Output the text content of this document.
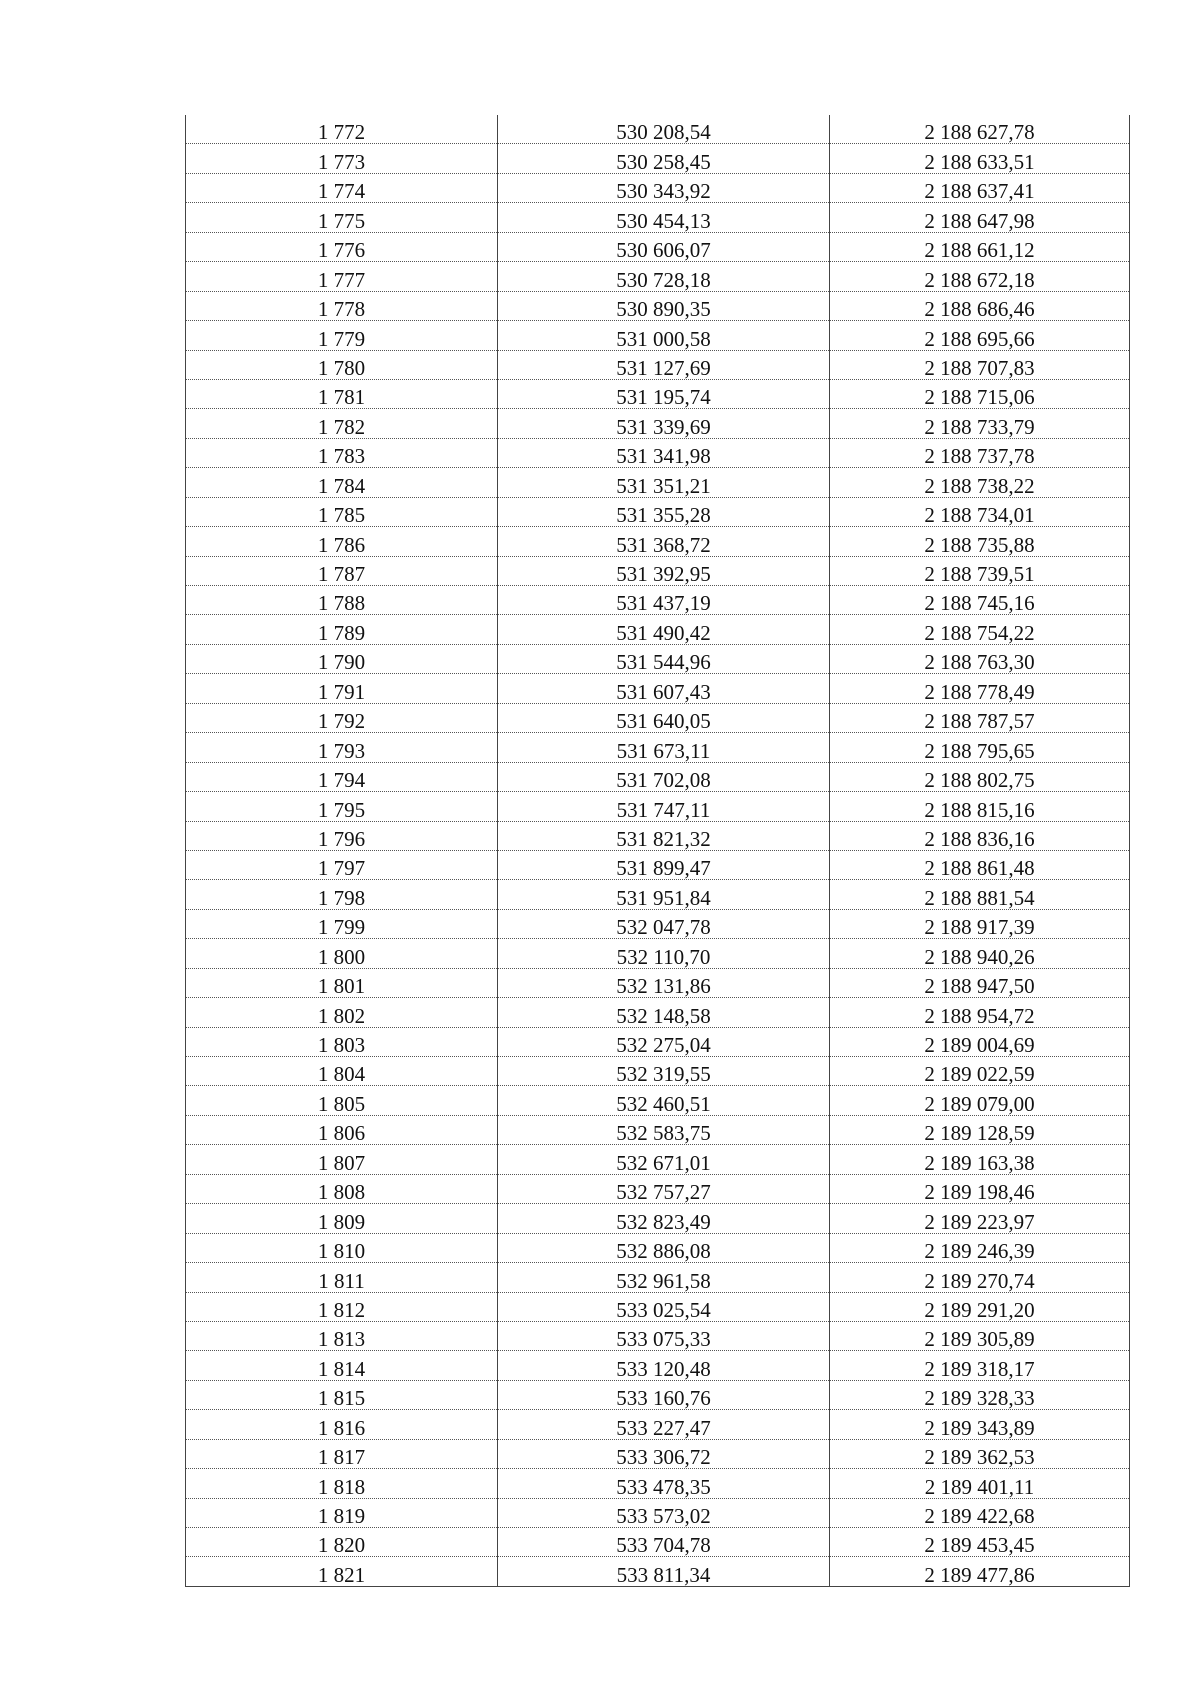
1 772	530 208,54	2 188 627,78
1 773	530 258,45	2 188 633,51
1 774	530 343,92	2 188 637,41
1 775	530 454,13	2 188 647,98
1 776	530 606,07	2 188 661,12
1 777	530 728,18	2 188 672,18
1 778	530 890,35	2 188 686,46
1 779	531 000,58	2 188 695,66
1 780	531 127,69	2 188 707,83
1 781	531 195,74	2 188 715,06
1 782	531 339,69	2 188 733,79
1 783	531 341,98	2 188 737,78
1 784	531 351,21	2 188 738,22
1 785	531 355,28	2 188 734,01
1 786	531 368,72	2 188 735,88
1 787	531 392,95	2 188 739,51
1 788	531 437,19	2 188 745,16
1 789	531 490,42	2 188 754,22
1 790	531 544,96	2 188 763,30
1 791	531 607,43	2 188 778,49
1 792	531 640,05	2 188 787,57
1 793	531 673,11	2 188 795,65
1 794	531 702,08	2 188 802,75
1 795	531 747,11	2 188 815,16
1 796	531 821,32	2 188 836,16
1 797	531 899,47	2 188 861,48
1 798	531 951,84	2 188 881,54
1 799	532 047,78	2 188 917,39
1 800	532 110,70	2 188 940,26
1 801	532 131,86	2 188 947,50
1 802	532 148,58	2 188 954,72
1 803	532 275,04	2 189 004,69
1 804	532 319,55	2 189 022,59
1 805	532 460,51	2 189 079,00
1 806	532 583,75	2 189 128,59
1 807	532 671,01	2 189 163,38
1 808	532 757,27	2 189 198,46
1 809	532 823,49	2 189 223,97
1 810	532 886,08	2 189 246,39
1 811	532 961,58	2 189 270,74
1 812	533 025,54	2 189 291,20
1 813	533 075,33	2 189 305,89
1 814	533 120,48	2 189 318,17
1 815	533 160,76	2 189 328,33
1 816	533 227,47	2 189 343,89
1 817	533 306,72	2 189 362,53
1 818	533 478,35	2 189 401,11
1 819	533 573,02	2 189 422,68
1 820	533 704,78	2 189 453,45
1 821	533 811,34	2 189 477,86
